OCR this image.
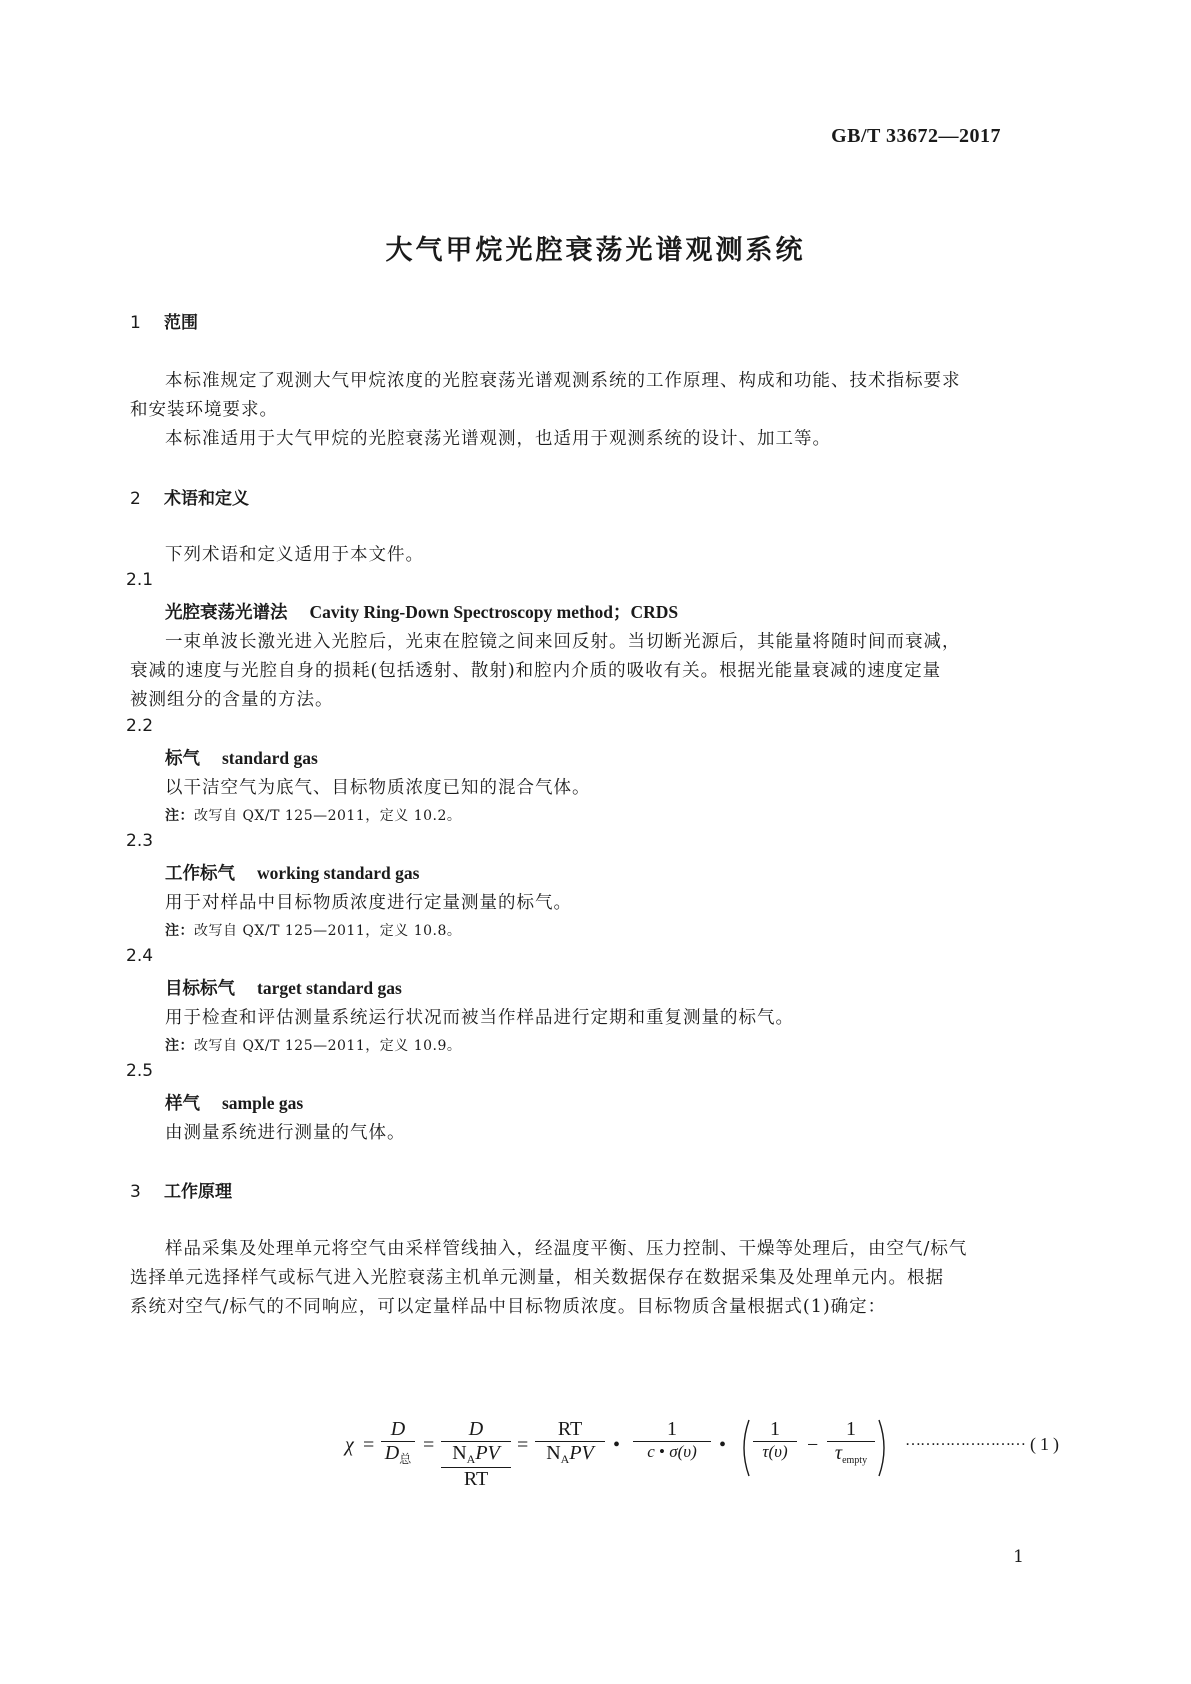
GB/T 33672—2017
大气甲烷光腔衰荡光谱观测系统
1 范围
本标准规定了观测大气甲烷浓度的光腔衰荡光谱观测系统的工作原理、构成和功能、技术指标要求
和安装环境要求。
本标准适用于大气甲烷的光腔衰荡光谱观测，也适用于观测系统的设计、加工等。
2 术语和定义
下列术语和定义适用于本文件。
2.1
光腔衰荡光谱法 Cavity Ring-Down Spectroscopy method；CRDS
一束单波长激光进入光腔后，光束在腔镜之间来回反射。当切断光源后，其能量将随时间而衰减，
衰减的速度与光腔自身的损耗(包括透射、散射)和腔内介质的吸收有关。根据光能量衰减的速度定量
被测组分的含量的方法。
2.2
标气 standard gas
以干洁空气为底气、目标物质浓度已知的混合气体。
注：改写自 QX/T 125—2011，定义 10.2。
2.3
工作标气 working standard gas
用于对样品中目标物质浓度进行定量测量的标气。
注：改写自 QX/T 125—2011，定义 10.8。
2.4
目标标气 target standard gas
用于检查和评估测量系统运行状况而被当作样品进行定期和重复测量的标气。
注：改写自 QX/T 125—2011，定义 10.9。
2.5
样气 sample gas
由测量系统进行测量的气体。
3 工作原理
样品采集及处理单元将空气由采样管线抽入，经温度平衡、压力控制、干燥等处理后，由空气/标气
选择单元选择样气或标气进入光腔衰荡主机单元测量，相关数据保存在数据采集及处理单元内。根据
系统对空气/标气的不同响应，可以定量样品中目标物质浓度。目标物质含量根据式(1)确定：
χ =
D
$D_总$
=
D
$N_APV$
RT
=
RT
$N_APV$ •
1
c • σ(υ)	•
1
τ(υ) −
1
$\tau_{empty}$
…………………… (1)
1
